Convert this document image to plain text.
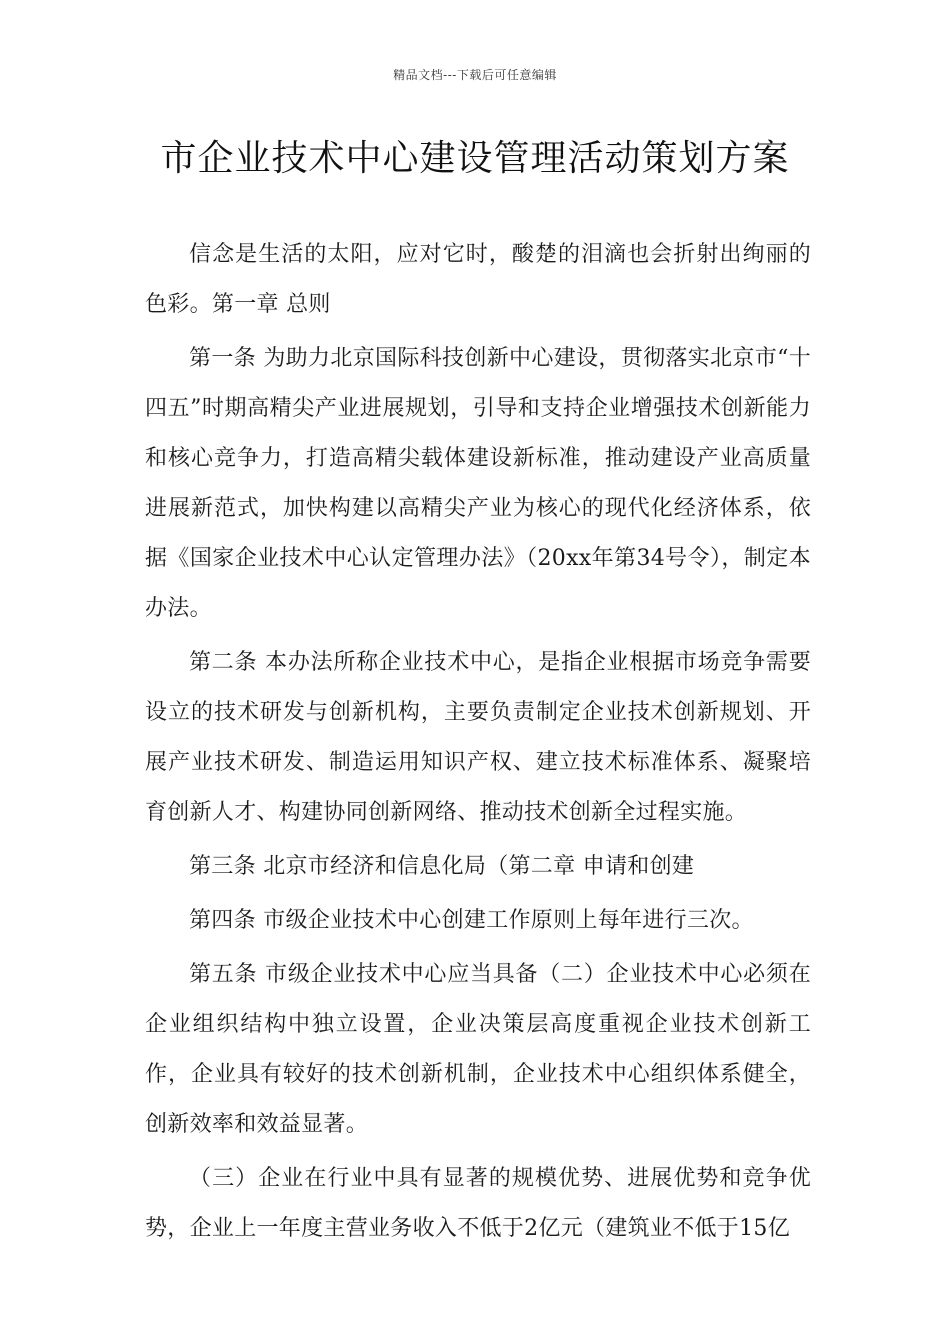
精品文档---下载后可任意编辑
市企业技术中心建设管理活动策划方案

信念是生活的太阳，应对它时，酸楚的泪滴也会折射出绚丽的色彩。第一章 总则

第一条 为助力北京国际科技创新中心建设，贯彻落实北京市“十四五”时期高精尖产业进展规划，引导和支持企业增强技术创新能力和核心竞争力，打造高精尖载体建设新标准，推动建设产业高质量进展新范式，加快构建以高精尖产业为核心的现代化经济体系，依据《国家企业技术中心认定管理办法》（20xx年第34号令），制定本办法。

第二条 本办法所称企业技术中心，是指企业根据市场竞争需要设立的技术研发与创新机构，主要负责制定企业技术创新规划、开展产业技术研发、制造运用知识产权、建立技术标准体系、凝聚培育创新人才、构建协同创新网络、推动技术创新全过程实施。

第三条 北京市经济和信息化局（第二章 申请和创建

第四条 市级企业技术中心创建工作原则上每年进行三次。

第五条 市级企业技术中心应当具备（二）企业技术中心必须在企业组织结构中独立设置，企业决策层高度重视企业技术创新工作，企业具有较好的技术创新机制，企业技术中心组织体系健全，创新效率和效益显著。

（三）企业在行业中具有显著的规模优势、进展优势和竞争优势，企业上一年度主营业务收入不低于2亿元（建筑业不低于15亿
